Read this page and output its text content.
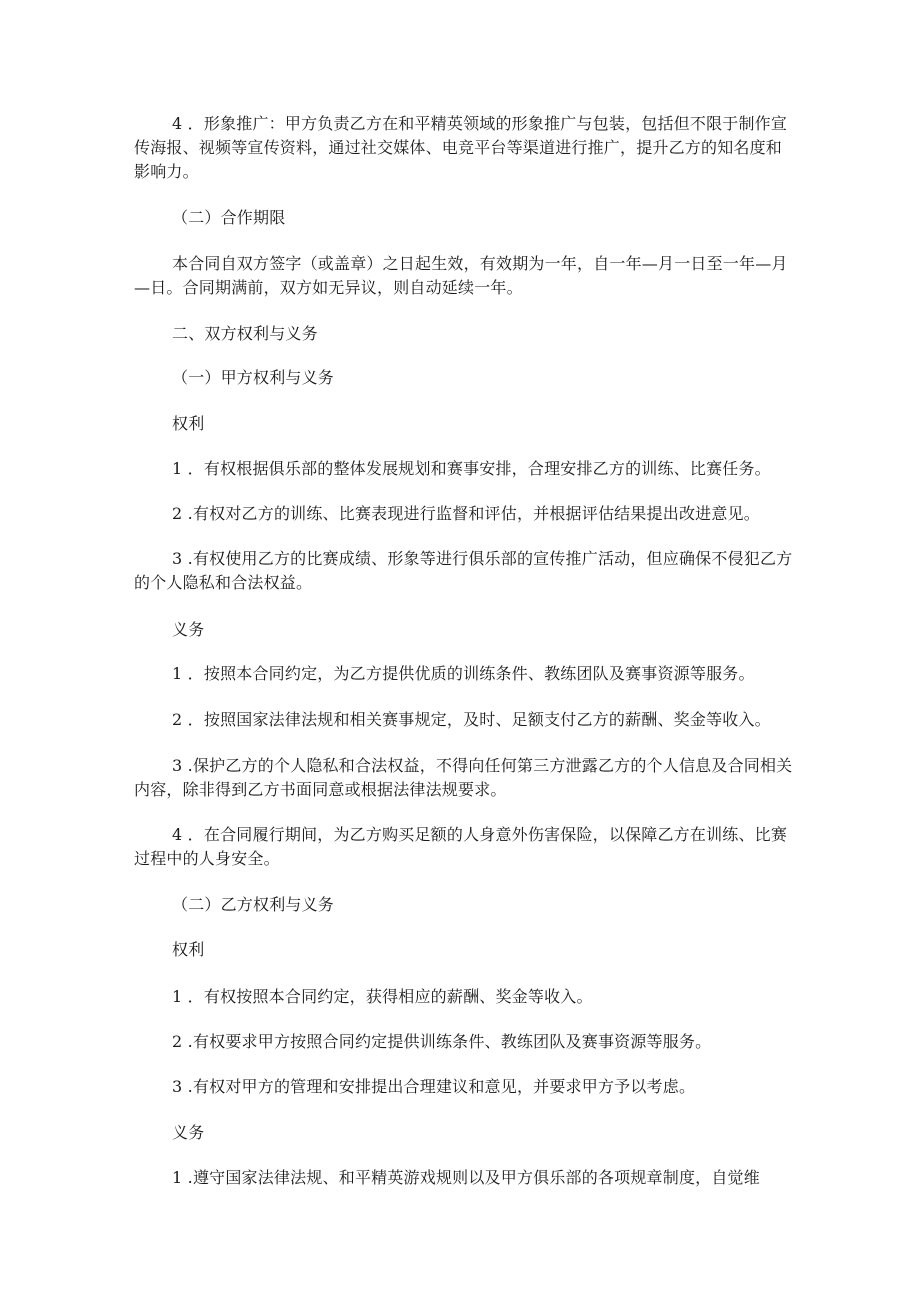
4 ．形象推广：甲方负责乙方在和平精英领域的形象推广与包装，包括但不限于制作宣传海报、视频等宣传资料，通过社交媒体、电竞平台等渠道进行推广，提升乙方的知名度和影响力。

（二）合作期限

本合同自双方签字（或盖章）之日起生效，有效期为一年，自一年—月一日至一年—月—日。合同期满前，双方如无异议，则自动延续一年。

二、双方权利与义务

（一）甲方权利与义务

权利

1 ．有权根据俱乐部的整体发展规划和赛事安排，合理安排乙方的训练、比赛任务。

2 .有权对乙方的训练、比赛表现进行监督和评估，并根据评估结果提出改进意见。

3 .有权使用乙方的比赛成绩、形象等进行俱乐部的宣传推广活动，但应确保不侵犯乙方的个人隐私和合法权益。

义务

1 ．按照本合同约定，为乙方提供优质的训练条件、教练团队及赛事资源等服务。

2 ．按照国家法律法规和相关赛事规定，及时、足额支付乙方的薪酬、奖金等收入。

3 .保护乙方的个人隐私和合法权益，不得向任何第三方泄露乙方的个人信息及合同相关内容，除非得到乙方书面同意或根据法律法规要求。

4 ．在合同履行期间，为乙方购买足额的人身意外伤害保险，以保障乙方在训练、比赛过程中的人身安全。

（二）乙方权利与义务

权利

1 ．有权按照本合同约定，获得相应的薪酬、奖金等收入。

2 .有权要求甲方按照合同约定提供训练条件、教练团队及赛事资源等服务。

3 .有权对甲方的管理和安排提出合理建议和意见，并要求甲方予以考虑。

义务

1 .遵守国家法律法规、和平精英游戏规则以及甲方俱乐部的各项规章制度，自觉维
